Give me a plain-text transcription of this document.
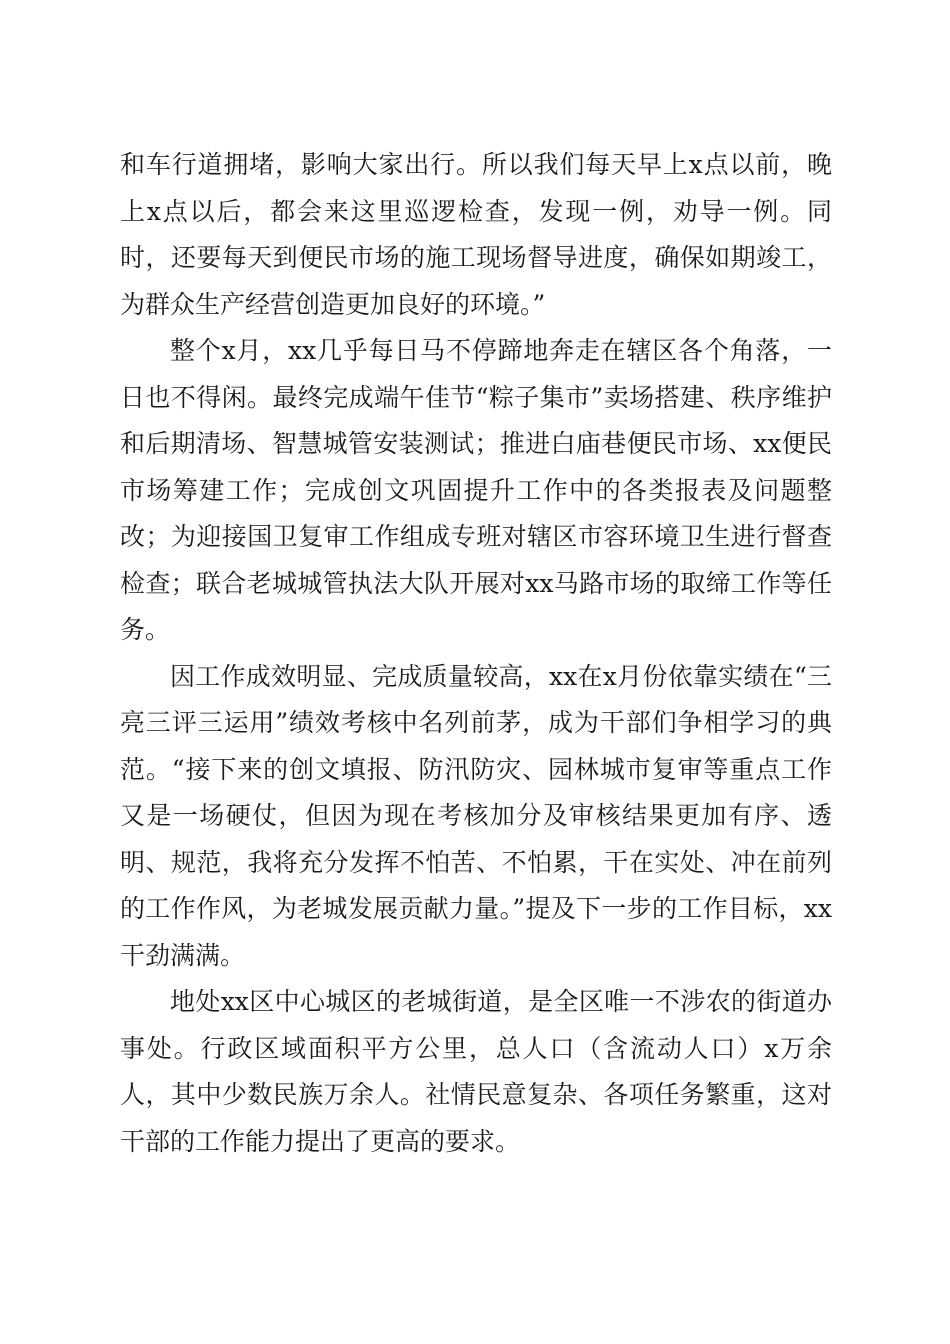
和车行道拥堵，影响大家出行。所以我们每天早上x点以前，晚上x点以后，都会来这里巡逻检查，发现一例，劝导一例。同时，还要每天到便民市场的施工现场督导进度，确保如期竣工，为群众生产经营创造更加良好的环境。”

整个x月，xx几乎每日马不停蹄地奔走在辖区各个角落，一日也不得闲。最终完成端午佳节“粽子集市”卖场搭建、秩序维护和后期清场、智慧城管安装测试；推进白庙巷便民市场、xx便民市场筹建工作；完成创文巩固提升工作中的各类报表及问题整改；为迎接国卫复审工作组成专班对辖区市容环境卫生进行督查检查；联合老城城管执法大队开展对xx马路市场的取缔工作等任务。

因工作成效明显、完成质量较高，xx在x月份依靠实绩在“三亮三评三运用”绩效考核中名列前茅，成为干部们争相学习的典范。“接下来的创文填报、防汛防灾、园林城市复审等重点工作又是一场硬仗，但因为现在考核加分及审核结果更加有序、透明、规范，我将充分发挥不怕苦、不怕累，干在实处、冲在前列的工作作风，为老城发展贡献力量。”提及下一步的工作目标，xx干劲满满。

地处xx区中心城区的老城街道，是全区唯一不涉农的街道办事处。行政区域面积平方公里，总人口（含流动人口）x万余人，其中少数民族万余人。社情民意复杂、各项任务繁重，这对干部的工作能力提出了更高的要求。
